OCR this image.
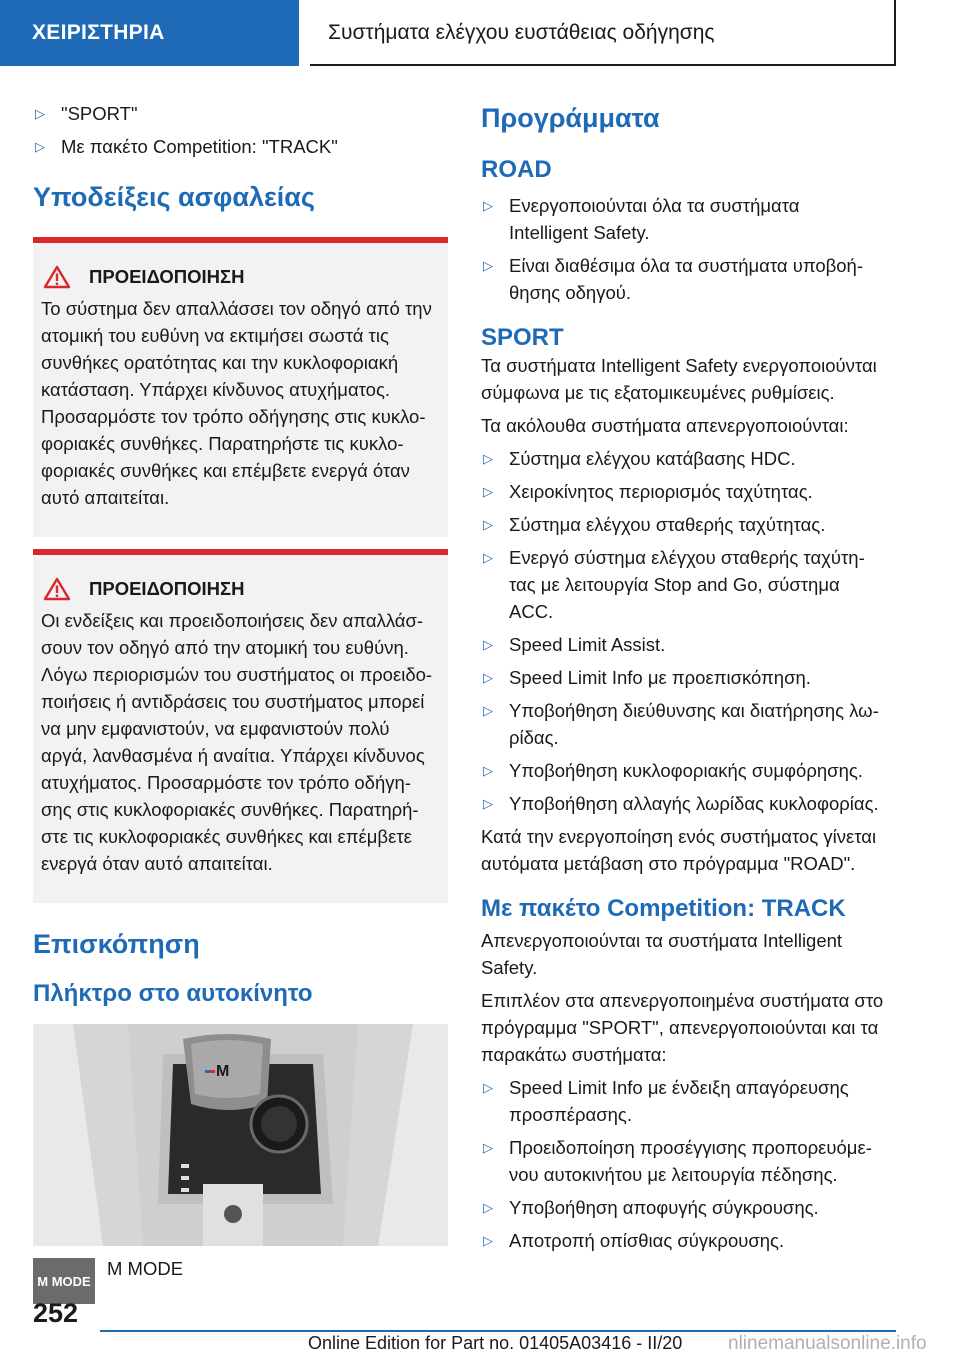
ΧΕΙΡΙΣΤΗΡΙΑ	Συστήματα ελέγχου ευστάθειας οδήγησης
▷ "SPORT"
▷ Με πακέτο Competition: "TRACK"
Υποδείξεις ασφαλείας
ΠΡΟΕΙΔΟΠΟΙΗΣΗ
Το σύστημα δεν απαλλάσσει τον οδηγό από την
ατομική του ευθύνη να εκτιμήσει σωστά τις
συνθήκες ορατότητας και την κυκλοφοριακή
κατάσταση. Υπάρχει κίνδυνος ατυχήματος.
Προσαρμόστε τον τρόπο οδήγησης στις κυκλο-
φοριακές συνθήκες. Παρατηρήστε τις κυκλο-
φοριακές συνθήκες και επέμβετε ενεργά όταν
αυτό απαιτείται.
ΠΡΟΕΙΔΟΠΟΙΗΣΗ
Οι ενδείξεις και προειδοποιήσεις δεν απαλλάσ-
σουν τον οδηγό από την ατομική του ευθύνη.
Λόγω περιορισμών του συστήματος οι προειδο-
ποιήσεις ή αντιδράσεις του συστήματος μπορεί
να μην εμφανιστούν, να εμφανιστούν πολύ
αργά, λανθασμένα ή αναίτια. Υπάρχει κίνδυνος
ατυχήματος. Προσαρμόστε τον τρόπο οδήγη-
σης στις κυκλοφοριακές συνθήκες. Παρατηρή-
στε τις κυκλοφοριακές συνθήκες και επέμβετε
ενεργά όταν αυτό απαιτείται.
Επισκόπηση
Πλήκτρο στο αυτοκίνητο
M
M MODE
M MODE
Προγράμματα
ROAD
▷ Ενεργοποιούνται όλα τα συστήματα
Intelligent Safety.
▷ Είναι διαθέσιμα όλα τα συστήματα υποβοή-
θησης οδηγού.
SPORT
Τα συστήματα Intelligent Safety ενεργοποιούνται
σύμφωνα με τις εξατομικευμένες ρυθμίσεις.
Τα ακόλουθα συστήματα απενεργοποιούνται:
▷ Σύστημα ελέγχου κατάβασης HDC.
▷ Χειροκίνητος περιορισμός ταχύτητας.
▷ Σύστημα ελέγχου σταθερής ταχύτητας.
▷ Ενεργό σύστημα ελέγχου σταθερής ταχύτη-
τας με λειτουργία Stop and Go, σύστημα
ACC.
▷ Speed Limit Assist.
▷ Speed Limit Info με προεπισκόπηση.
▷ Υποβοήθηση διεύθυνσης και διατήρησης λω-
ρίδας.
▷ Υποβοήθηση κυκλοφοριακής συμφόρησης.
▷ Υποβοήθηση αλλαγής λωρίδας κυκλοφορίας.
Κατά την ενεργοποίηση ενός συστήματος γίνεται
αυτόματα μετάβαση στο πρόγραμμα "ROAD".
Με πακέτο Competition: TRACK
Απενεργοποιούνται τα συστήματα Intelligent
Safety.
Επιπλέον στα απενεργοποιημένα συστήματα στο
πρόγραμμα "SPORT", απενεργοποιούνται και τα
παρακάτω συστήματα:
▷ Speed Limit Info με ένδειξη απαγόρευσης
προσπέρασης.
▷ Προειδοποίηση προσέγγισης προπορευόμε-
νου αυτοκινήτου με λειτουργία πέδησης.
▷ Υποβοήθηση αποφυγής σύγκρουσης.
▷ Αποτροπή οπίσθιας σύγκρουσης.
252
Online Edition for Part no. 01405A03416 - II/20 nlinemanualsonline.info
